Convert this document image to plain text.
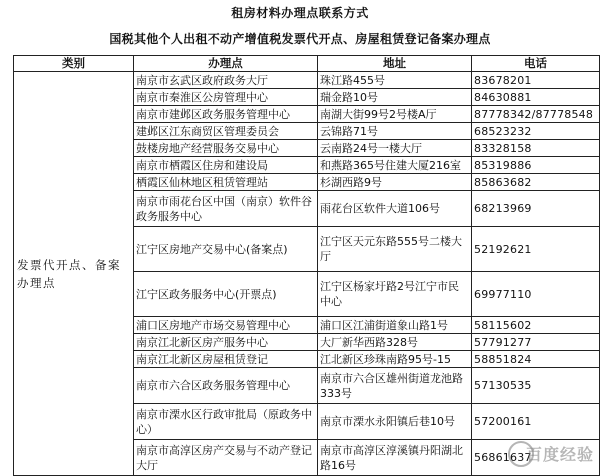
租房材料办理点联系方式
国税其他个人出租不动产增值税发票代开点、房屋租赁登记备案办理点
类别	办理点	地址	电话
发票代开点、备案办理点	南京市玄武区政府政务大厅	珠江路455号	83678201
	南京市秦淮区公房管理中心	瑞金路10号	84630881
	南京市建邺区政务服务管理中心	南湖大街99号2号楼A厅	87778342/87778548
	建邺区江东商贸区管理委员会	云锦路71号	68523232
	鼓楼房地产经营服务交易中心	云南路24号一楼大厅	83328158
	南京市栖霞区住房和建设局	和燕路365号住建大厦216室	85319886
	栖霞区仙林地区租赁管理站	杉湖西路9号	85863682
	南京市雨花台区中国（南京）软件谷政务服务中心	雨花台区软件大道106号	68213969
	江宁区房地产交易中心(备案点)	江宁区天元东路555号二楼大厅	52192621
	江宁区政务服务中心(开票点)	江宁区杨家圩路2号江宁市民中心	69977110
	浦口区房地产市场交易管理中心	浦口区江浦街道象山路1号	58115602
	南京江北新区房产服务中心	大厂新华西路328号	57791277
	南京江北新区房屋租赁登记	江北新区珍珠南路95号-15	58851824
	南京市六合区政务服务管理中心	南京市六合区雄州街道龙池路333号	57130535
	南京市溧水区行政审批局（原政务中心）	南京市溧水永阳镇后巷10号	57200161
	南京市高淳区房产交易与不动产登记大厅	南京市高淳区淳溪镇丹阳湖北路16号	56861637
百度经验
